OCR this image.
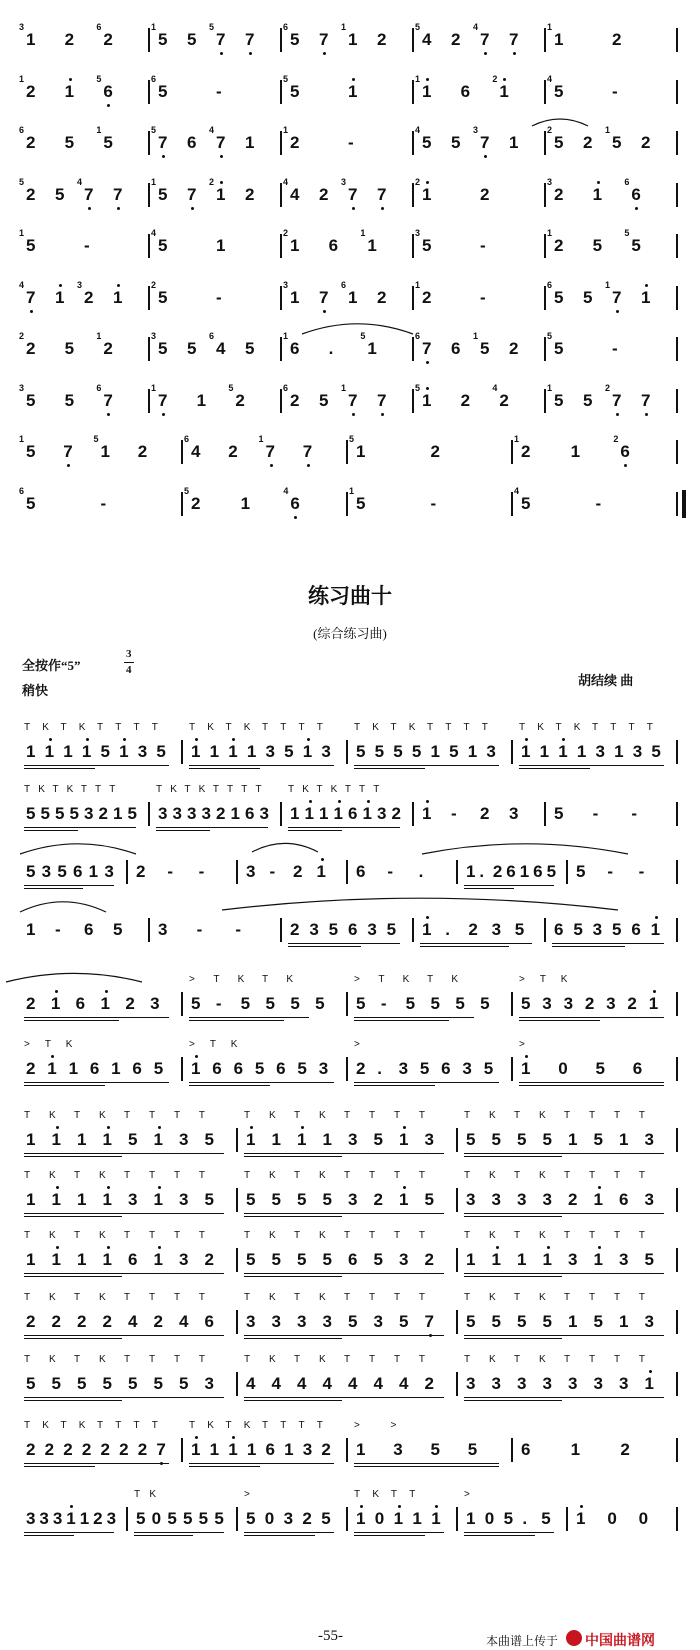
3
1 2
6
2
1
5 5
5
7 7
6
5 7
1
1 2
5
4 2
4
7 7
1
1	2
1
2 1
5
6
6
5	-
5
5	1
1
1 6
2
1
4
5	-
6
2 5
1
5
5
7 6
4
7 1
1
2	-
4
5 5
3
7 1
2
5 2
1
5 2
5
2 5
4
7 7
1
5 7
2
1 2
4
4 2
3
7 7
2
1	2
3
2 1
6
6
1
5	-
4
5	1
2
1 6
1
1
3
5	-
1
2 5
5
5
4
7 1
3
2 1
2
5	-
3
1 7
6
1 2
1
2	-
6
5 5
1
7 1
2
2 5
1
2
3
5 5
6
4 5
1
6 .
5
1
6
7 6
1
5 2
5
5	-
3
5 5
6
7
1
7 1
5
2
6
2 5
1
7 7
5
1 2
4
2
1
5 5
2
7 7
1
5 7
5
1 2
6
4 2
1
7 7
5
1	2
1
2 1
2
6
6
5	-
5
2 1
4
6
1
5	-
4
5	-
练习曲十
(综合练习曲)
全按作“5”
3
4
稍快
胡结续 曲
T K T K T T T T
1 1 1 1 5 1 3 5
T K T K T T T T
1 1 1 1 3 5 1 3
T K T K T T T T
5 5 5 5 1 5 1 3
T K T K T T T T
1 1 1 1 3 1 3 5
T K T K T T T
5 5 5 5 3 2 1 5
T K T K T T T T
3 3 3 3 2 1 6 3
T K T K T T T
1 1 1 1 6 1 3 2 1 - 2 3 5 - -
5 3 5 6 1 3 2 - - 3 - 2 1 6 - .	1 . 2 6 1 6 5 5 - -
1 - 6 5 3 - -	2 3 5 6 3 5 1 . 2 3 5 6 5 3 5 6 1
2 1 6 1 2 3
> T K T K
5 - 5 5 5 5
> T K T K
5 - 5 5 5 5
> T K
5 3 3 2 3 2 1
> T K
2 1 1 6 1 6 5
> T K
1 6 6 5 6 5 3
>
2 . 3 5 6 3 5
>
1 0 5 6
T K T K T T T T
1 1 1 1 5 1 3 5
T K T K T T T T
1 1 1 1 3 5 1 3
T K T K T T T T
5 5 5 5 1 5 1 3
T K T K T T T T
1 1 1 1 3 1 3 5
T K T K T T T T
5 5 5 5 3 2 1 5
T K T K T T T T
3 3 3 3 2 1 6 3
T K T K T T T T
1 1 1 1 6 1 3 2
T K T K T T T T
5 5 5 5 6 5 3 2
T K T K T T T T
1 1 1 1 3 1 3 5
T K T K T T T T
2 2 2 2 4 2 4 6
T K T K T T T T
3 3 3 3 5 3 5 7
T K T K T T T T
5 5 5 5 1 5 1 3
T K T K T T T T
5 5 5 5 5 5 5 3
T K T K T T T T
4 4 4 4 4 4 4 2
T K T K T T T T
3 3 3 3 3 3 3 1
T K T K T T T T
2 2 2 2 2 2 2 7
T K T K T T T T
1 1 1 1 6 1 3 2
>	>
1 3 5 5	6 1 2
3 3 3 1 1 2 3
T K
5 0 5 5 5 5
>
5 0 3 2 5
T K T T
1 0 1 1 1
>
1 0 5 . 5 1 0 0
-55-	本曲谱上传于 中国曲谱网
